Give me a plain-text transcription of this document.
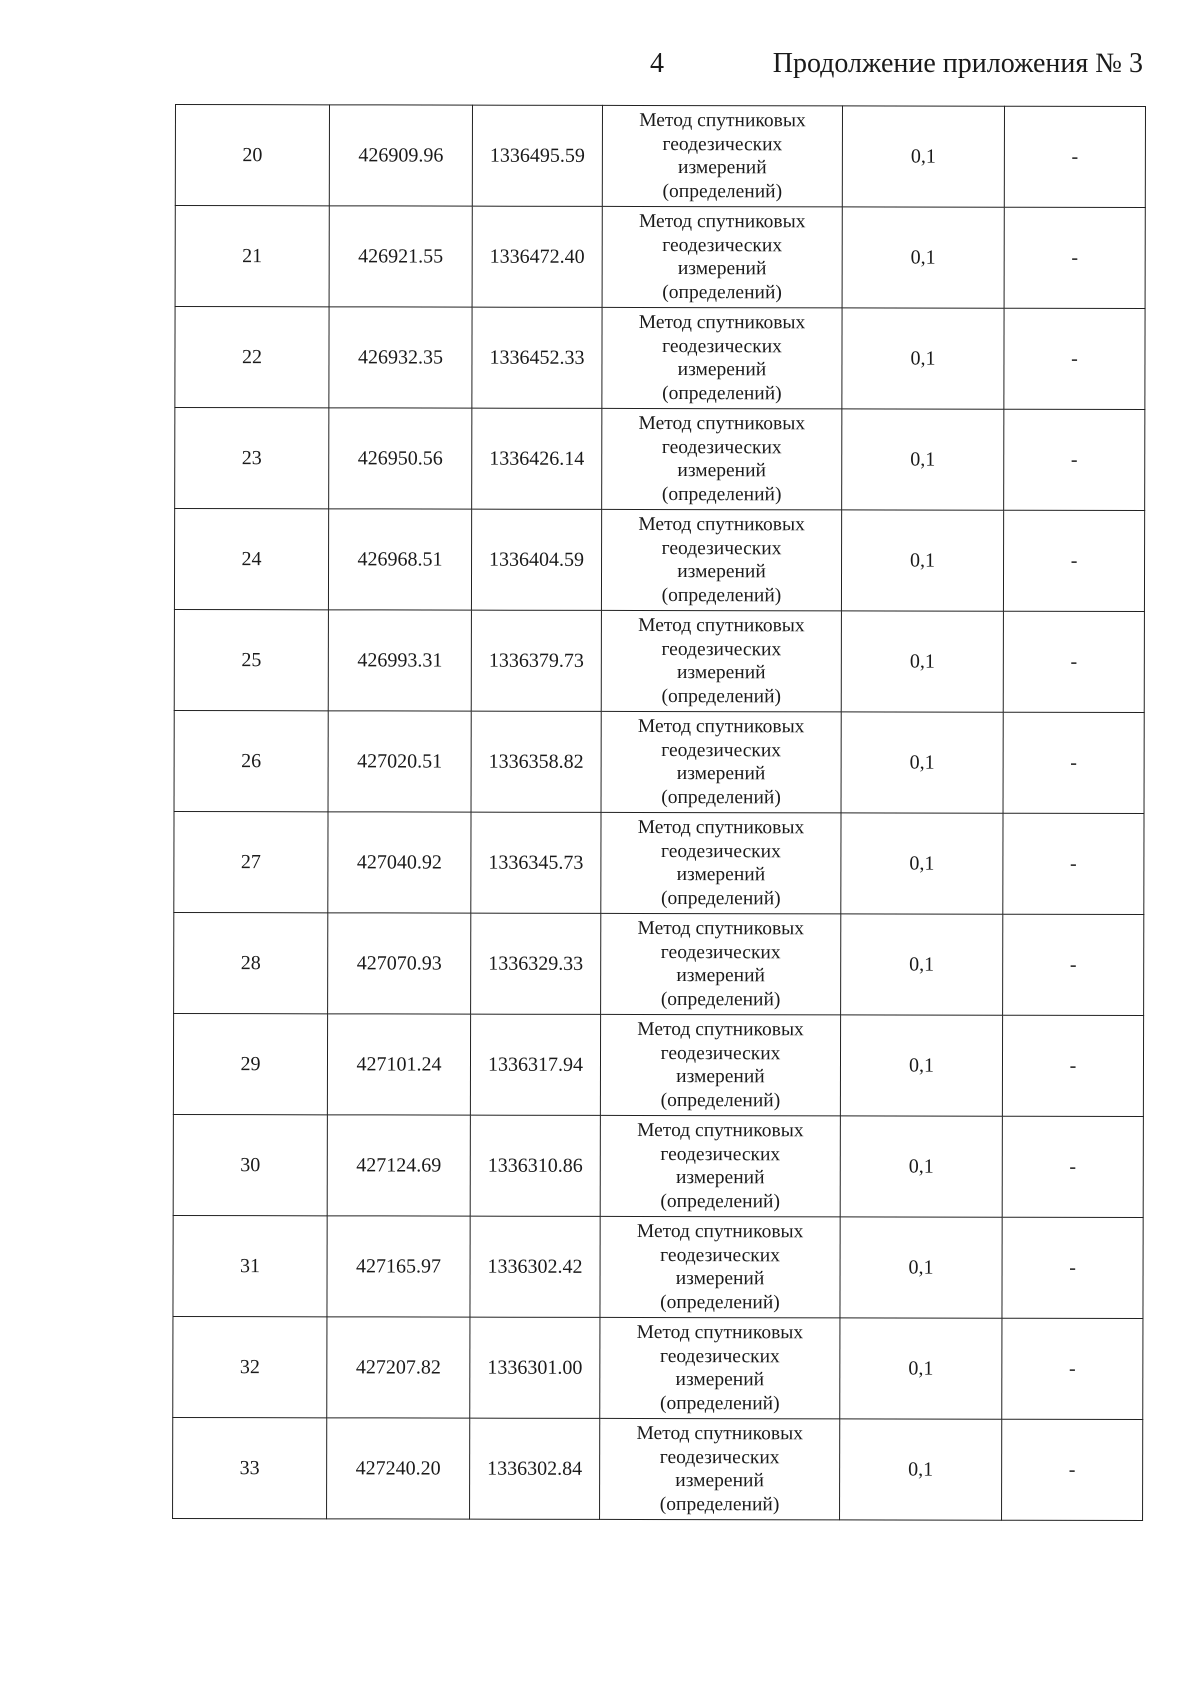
4	Продолжение приложения № 3
20	426909.96	1336495.59	Метод спутниковых
геодезических
измерений
(определений)	0,1	-
21	426921.55	1336472.40	Метод спутниковых
геодезических
измерений
(определений)	0,1	-
22	426932.35	1336452.33	Метод спутниковых
геодезических
измерений
(определений)	0,1	-
23	426950.56	1336426.14	Метод спутниковых
геодезических
измерений
(определений)	0,1	-
24	426968.51	1336404.59	Метод спутниковых
геодезических
измерений
(определений)	0,1	-
25	426993.31	1336379.73	Метод спутниковых
геодезических
измерений
(определений)	0,1	-
26	427020.51	1336358.82	Метод спутниковых
геодезических
измерений
(определений)	0,1	-
27	427040.92	1336345.73	Метод спутниковых
геодезических
измерений
(определений)	0,1	-
28	427070.93	1336329.33	Метод спутниковых
геодезических
измерений
(определений)	0,1	-
29	427101.24	1336317.94	Метод спутниковых
геодезических
измерений
(определений)	0,1	-
30	427124.69	1336310.86	Метод спутниковых
геодезических
измерений
(определений)	0,1	-
31	427165.97	1336302.42	Метод спутниковых
геодезических
измерений
(определений)	0,1	-
32	427207.82	1336301.00	Метод спутниковых
геодезических
измерений
(определений)	0,1	-
33	427240.20	1336302.84	Метод спутниковых
геодезических
измерений
(определений)	0,1	-
